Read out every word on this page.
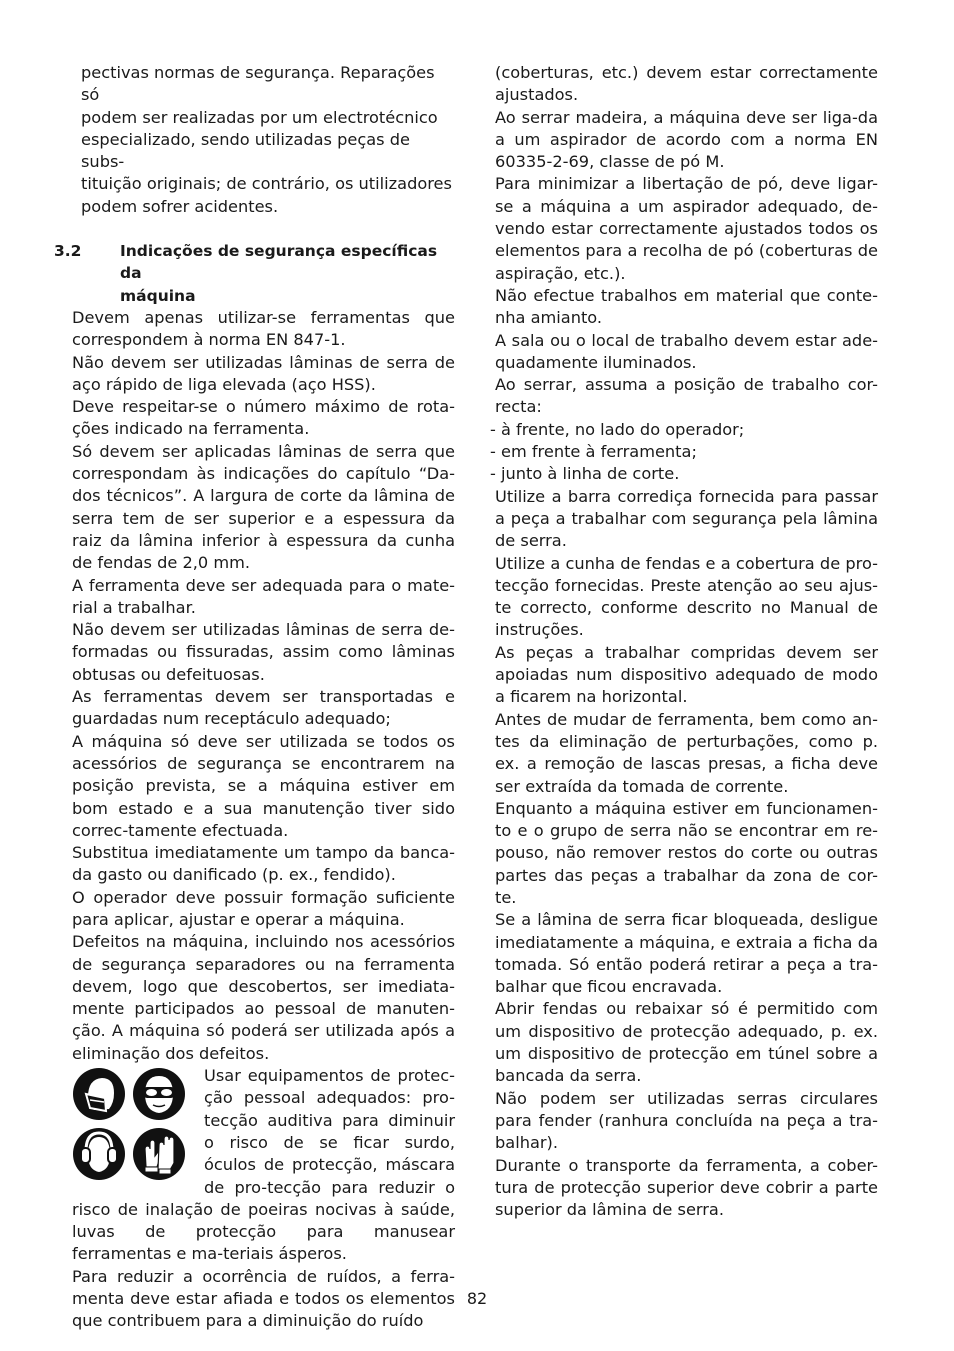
pectivas normas de segurança. Reparações só
podem ser realizadas por um electrotécnico
especializado, sendo utilizadas peças de subs-
tituição originais; de contrário, os utilizadores
podem sofrer acidentes.
3.2 Indicações de segurança específicas da
máquina

Devem apenas utilizar-se ferramentas que correspondem à norma EN 847-1.

Não devem ser utilizadas lâminas de serra de aço rápido de liga elevada (aço HSS).

Deve respeitar-se o número máximo de rota-ções indicado na ferramenta.

Só devem ser aplicadas lâminas de serra que correspondam às indicações do capítulo “Da-dos técnicos”. A largura de corte da lâmina de serra tem de ser superior e a espessura da raiz da lâmina inferior à espessura da cunha de fendas de 2,0 mm.

A ferramenta deve ser adequada para o mate-rial a trabalhar.

Não devem ser utilizadas lâminas de serra de-formadas ou fissuradas, assim como lâminas obtusas ou defeituosas.

As ferramentas devem ser transportadas e guardadas num receptáculo adequado;

A máquina só deve ser utilizada se todos os acessórios de segurança se encontrarem na posição prevista, se a máquina estiver em bom estado e a sua manutenção tiver sido correc-tamente efectuada.

Substitua imediatamente um tampo da banca-da gasto ou danificado (p. ex., fendido).

O operador deve possuir formação suficiente para aplicar, ajustar e operar a máquina.

Defeitos na máquina, incluindo nos acessórios de segurança separadores ou na ferramenta devem, logo que descobertos, ser imediata-mente participados ao pessoal de manuten-ção. A máquina só poderá ser utilizada após a eliminação dos defeitos.

Usar equipamentos de protec-ção pessoal adequados: pro-tecção auditiva para diminuir o risco de se ficar surdo, óculos de protecção, máscara de pro-tecção para reduzir o risco de inalação de poeiras nocivas à saúde, luvas de protecção para manusear ferramentas e ma-teriais ásperos.

Para reduzir a ocorrência de ruídos, a ferra-menta deve estar afiada e todos os elementos que contribuem para a diminuição do ruído

(coberturas, etc.) devem estar correctamente ajustados.

Ao serrar madeira, a máquina deve ser liga-da a um aspirador de acordo com a norma EN 60335-2-69, classe de pó M.

Para minimizar a libertação de pó, deve ligar-se a máquina a um aspirador adequado, de-vendo estar correctamente ajustados todos os elementos para a recolha de pó (coberturas de aspiração, etc.).

Não efectue trabalhos em material que conte-nha amianto.

A sala ou o local de trabalho devem estar ade-quadamente iluminados.

Ao serrar, assuma a posição de trabalho cor-recta:

- à frente, no lado do operador;

- em frente à ferramenta;

- junto à linha de corte.

Utilize a barra corrediça fornecida para passar a peça a trabalhar com segurança pela lâmina de serra.

Utilize a cunha de fendas e a cobertura de pro-tecção fornecidas. Preste atenção ao seu ajus-te correcto, conforme descrito no Manual de instruções.

As peças a trabalhar compridas devem ser apoiadas num dispositivo adequado de modo a ficarem na horizontal.

Antes de mudar de ferramenta, bem como an-tes da eliminação de perturbações, como p. ex. a remoção de lascas presas, a ficha deve ser extraída da tomada de corrente.

Enquanto a máquina estiver em funcionamen-to e o grupo de serra não se encontrar em re-pouso, não remover restos do corte ou outras partes das peças a trabalhar da zona de cor-te.

Se a lâmina de serra ficar bloqueada, desligue imediatamente a máquina, e extraia a ficha da tomada. Só então poderá retirar a peça a tra-balhar que ficou encravada.

Abrir fendas ou rebaixar só é permitido com um dispositivo de protecção adequado, p. ex. um dispositivo de protecção em túnel sobre a bancada da serra.

Não podem ser utilizadas serras circulares para fender (ranhura concluída na peça a tra-balhar).

Durante o transporte da ferramenta, a cober-tura de protecção superior deve cobrir a parte superior da lâmina de serra.

82
